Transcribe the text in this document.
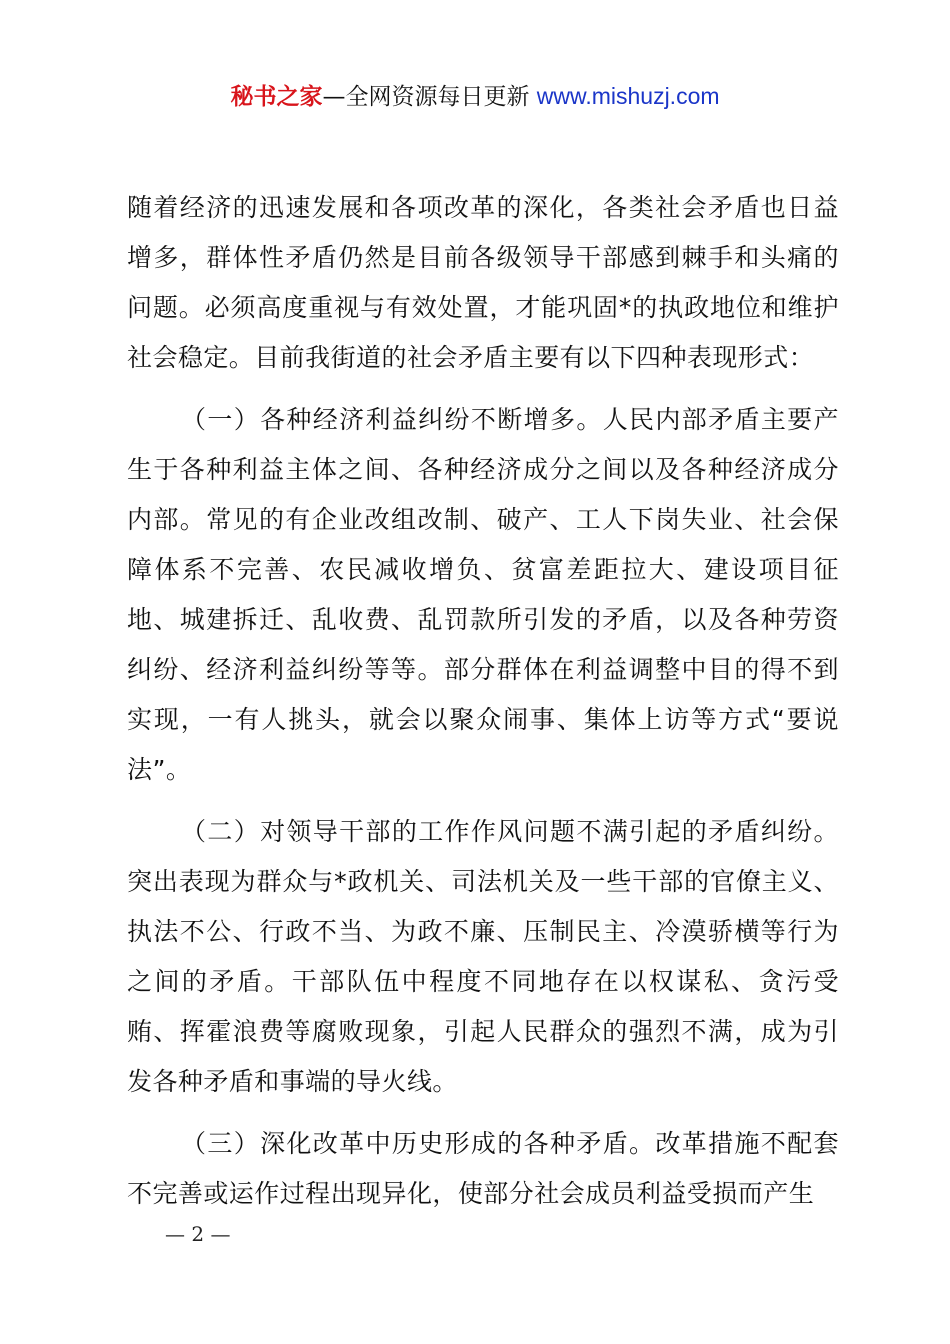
秘书之家—全网资源每日更新 www.mishuzj.com

随着经济的迅速发展和各项改革的深化，各类社会矛盾也日益增多，群体性矛盾仍然是目前各级领导干部感到棘手和头痛的问题。必须高度重视与有效处置，才能巩固*的执政地位和维护社会稳定。目前我街道的社会矛盾主要有以下四种表现形式：

（一）各种经济利益纠纷不断增多。人民内部矛盾主要产生于各种利益主体之间、各种经济成分之间以及各种经济成分内部。常见的有企业改组改制、破产、工人下岗失业、社会保障体系不完善、农民减收增负、贫富差距拉大、建设项目征地、城建拆迁、乱收费、乱罚款所引发的矛盾，以及各种劳资纠纷、经济利益纠纷等等。部分群体在利益调整中目的得不到实现，一有人挑头，就会以聚众闹事、集体上访等方式“要说法”。

（二）对领导干部的工作作风问题不满引起的矛盾纠纷。突出表现为群众与*政机关、司法机关及一些干部的官僚主义、执法不公、行政不当、为政不廉、压制民主、冷漠骄横等行为之间的矛盾。干部队伍中程度不同地存在以权谋私、贪污受贿、挥霍浪费等腐败现象，引起人民群众的强烈不满，成为引发各种矛盾和事端的导火线。

（三）深化改革中历史形成的各种矛盾。改革措施不配套不完善或运作过程出现异化，使部分社会成员利益受损而产生

— 2 —
